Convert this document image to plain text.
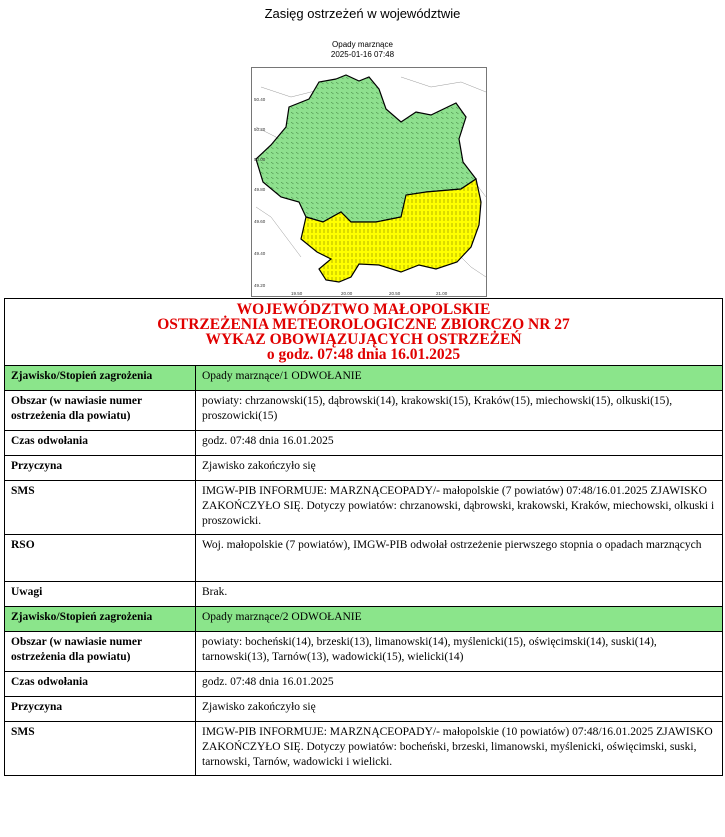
Zasięg ostrzeżeń w województwie
Opady marznące
2025-01-16 07:48
50.40
50.20
50.00
49.80
49.60
49.40
49.20
19.50	20.00	20.50	21.00
WOJEWÓDZTWO MAŁOPOLSKIE
OSTRZEŻENIA METEOROLOGICZNE ZBIORCZO NR 27
WYKAZ OBOWIĄZUJĄCYCH OSTRZEŻEŃ
o godz. 07:48 dnia 16.01.2025	

Zjawisko/Stopień zagrożenia	Opady marznące/1 ODWOŁANIE
Obszar (w nawiasie numer ostrzeżenia dla powiatu)	powiaty: chrzanowski(15), dąbrowski(14), krakowski(15), Kraków(15), miechowski(15), olkuski(15), proszowicki(15)
Czas odwołania	godz. 07:48 dnia 16.01.2025
Przyczyna	Zjawisko zakończyło się
SMS	IMGW-PIB INFORMUJE: MARZNĄCEOPADY/- małopolskie (7 powiatów) 07:48/16.01.2025 ZJAWISKO ZAKOŃCZYŁO SIĘ. Dotyczy powiatów: chrzanowski, dąbrowski, krakowski, Kraków, miechowski, olkuski i proszowicki.
RSO	Woj. małopolskie (7 powiatów), IMGW-PIB odwołał ostrzeżenie pierwszego stopnia o opadach marznących
Uwagi	Brak.
Zjawisko/Stopień zagrożenia	Opady marznące/2 ODWOŁANIE
Obszar (w nawiasie numer ostrzeżenia dla powiatu)	powiaty: bocheński(14), brzeski(13), limanowski(14), myślenicki(15), oświęcimski(14), suski(14), tarnowski(13), Tarnów(13), wadowicki(15), wielicki(14)
Czas odwołania	godz. 07:48 dnia 16.01.2025
Przyczyna	Zjawisko zakończyło się
SMS	IMGW-PIB INFORMUJE: MARZNĄCEOPADY/- małopolskie (10 powiatów) 07:48/16.01.2025 ZJAWISKO ZAKOŃCZYŁO SIĘ. Dotyczy powiatów: bocheński, brzeski, limanowski, myślenicki, oświęcimski, suski, tarnowski, Tarnów, wadowicki i wielicki.
